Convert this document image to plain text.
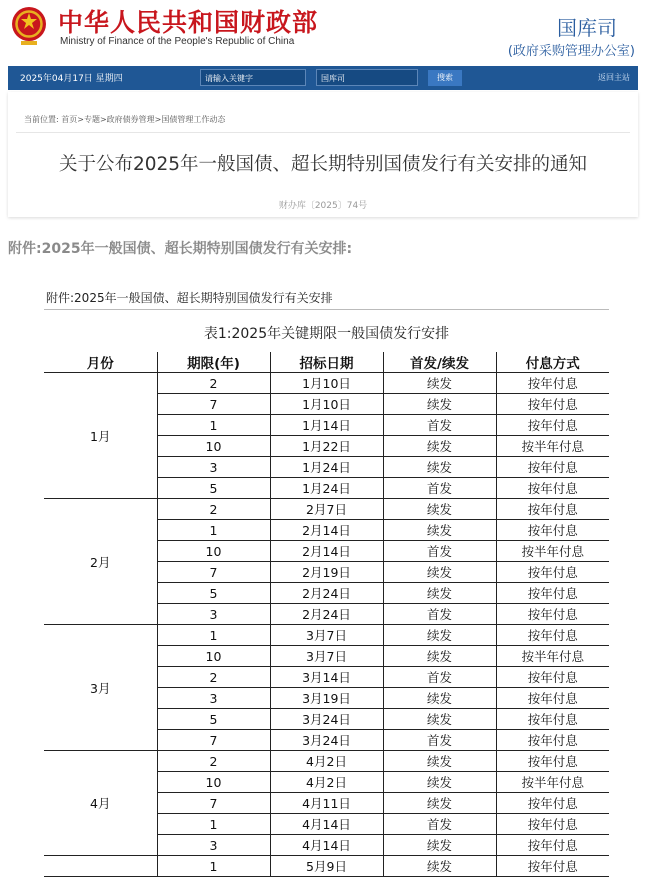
中华人民共和国财政部
Ministry of Finance of the People's Republic of China
国库司
(政府采购管理办公室)
2025年04月17日 星期四	请输入关键字	国库司	搜索	返回主站
当前位置: 首页>专题>政府债券管理>国债管理工作动态
关于公布2025年一般国债、超长期特别国债发行有关安排的通知
财办库〔2025〕74号
附件:2025年一般国债、超长期特别国债发行有关安排:
附件:2025年一般国债、超长期特别国债发行有关安排
表1:2025年关键期限一般国债发行安排
月份	期限(年)	招标日期	首发/续发	付息方式
1月	2	1月10日	续发	按年付息
	7	1月10日	续发	按年付息
	1	1月14日	首发	按年付息
	10	1月22日	续发	按半年付息
	3	1月24日	续发	按年付息
	5	1月24日	首发	按年付息
2月	2	2月7日	续发	按年付息
	1	2月14日	续发	按年付息
	10	2月14日	首发	按半年付息
	7	2月19日	续发	按年付息
	5	2月24日	续发	按年付息
	3	2月24日	首发	按年付息
3月	1	3月7日	续发	按年付息
	10	3月7日	续发	按半年付息
	2	3月14日	首发	按年付息
	3	3月19日	续发	按年付息
	5	3月24日	续发	按年付息
	7	3月24日	首发	按年付息
4月	2	4月2日	续发	按年付息
	10	4月2日	续发	按半年付息
	7	4月11日	续发	按年付息
	1	4月14日	首发	按年付息
	3	4月14日	续发	按年付息
	1	5月9日	续发	按年付息
